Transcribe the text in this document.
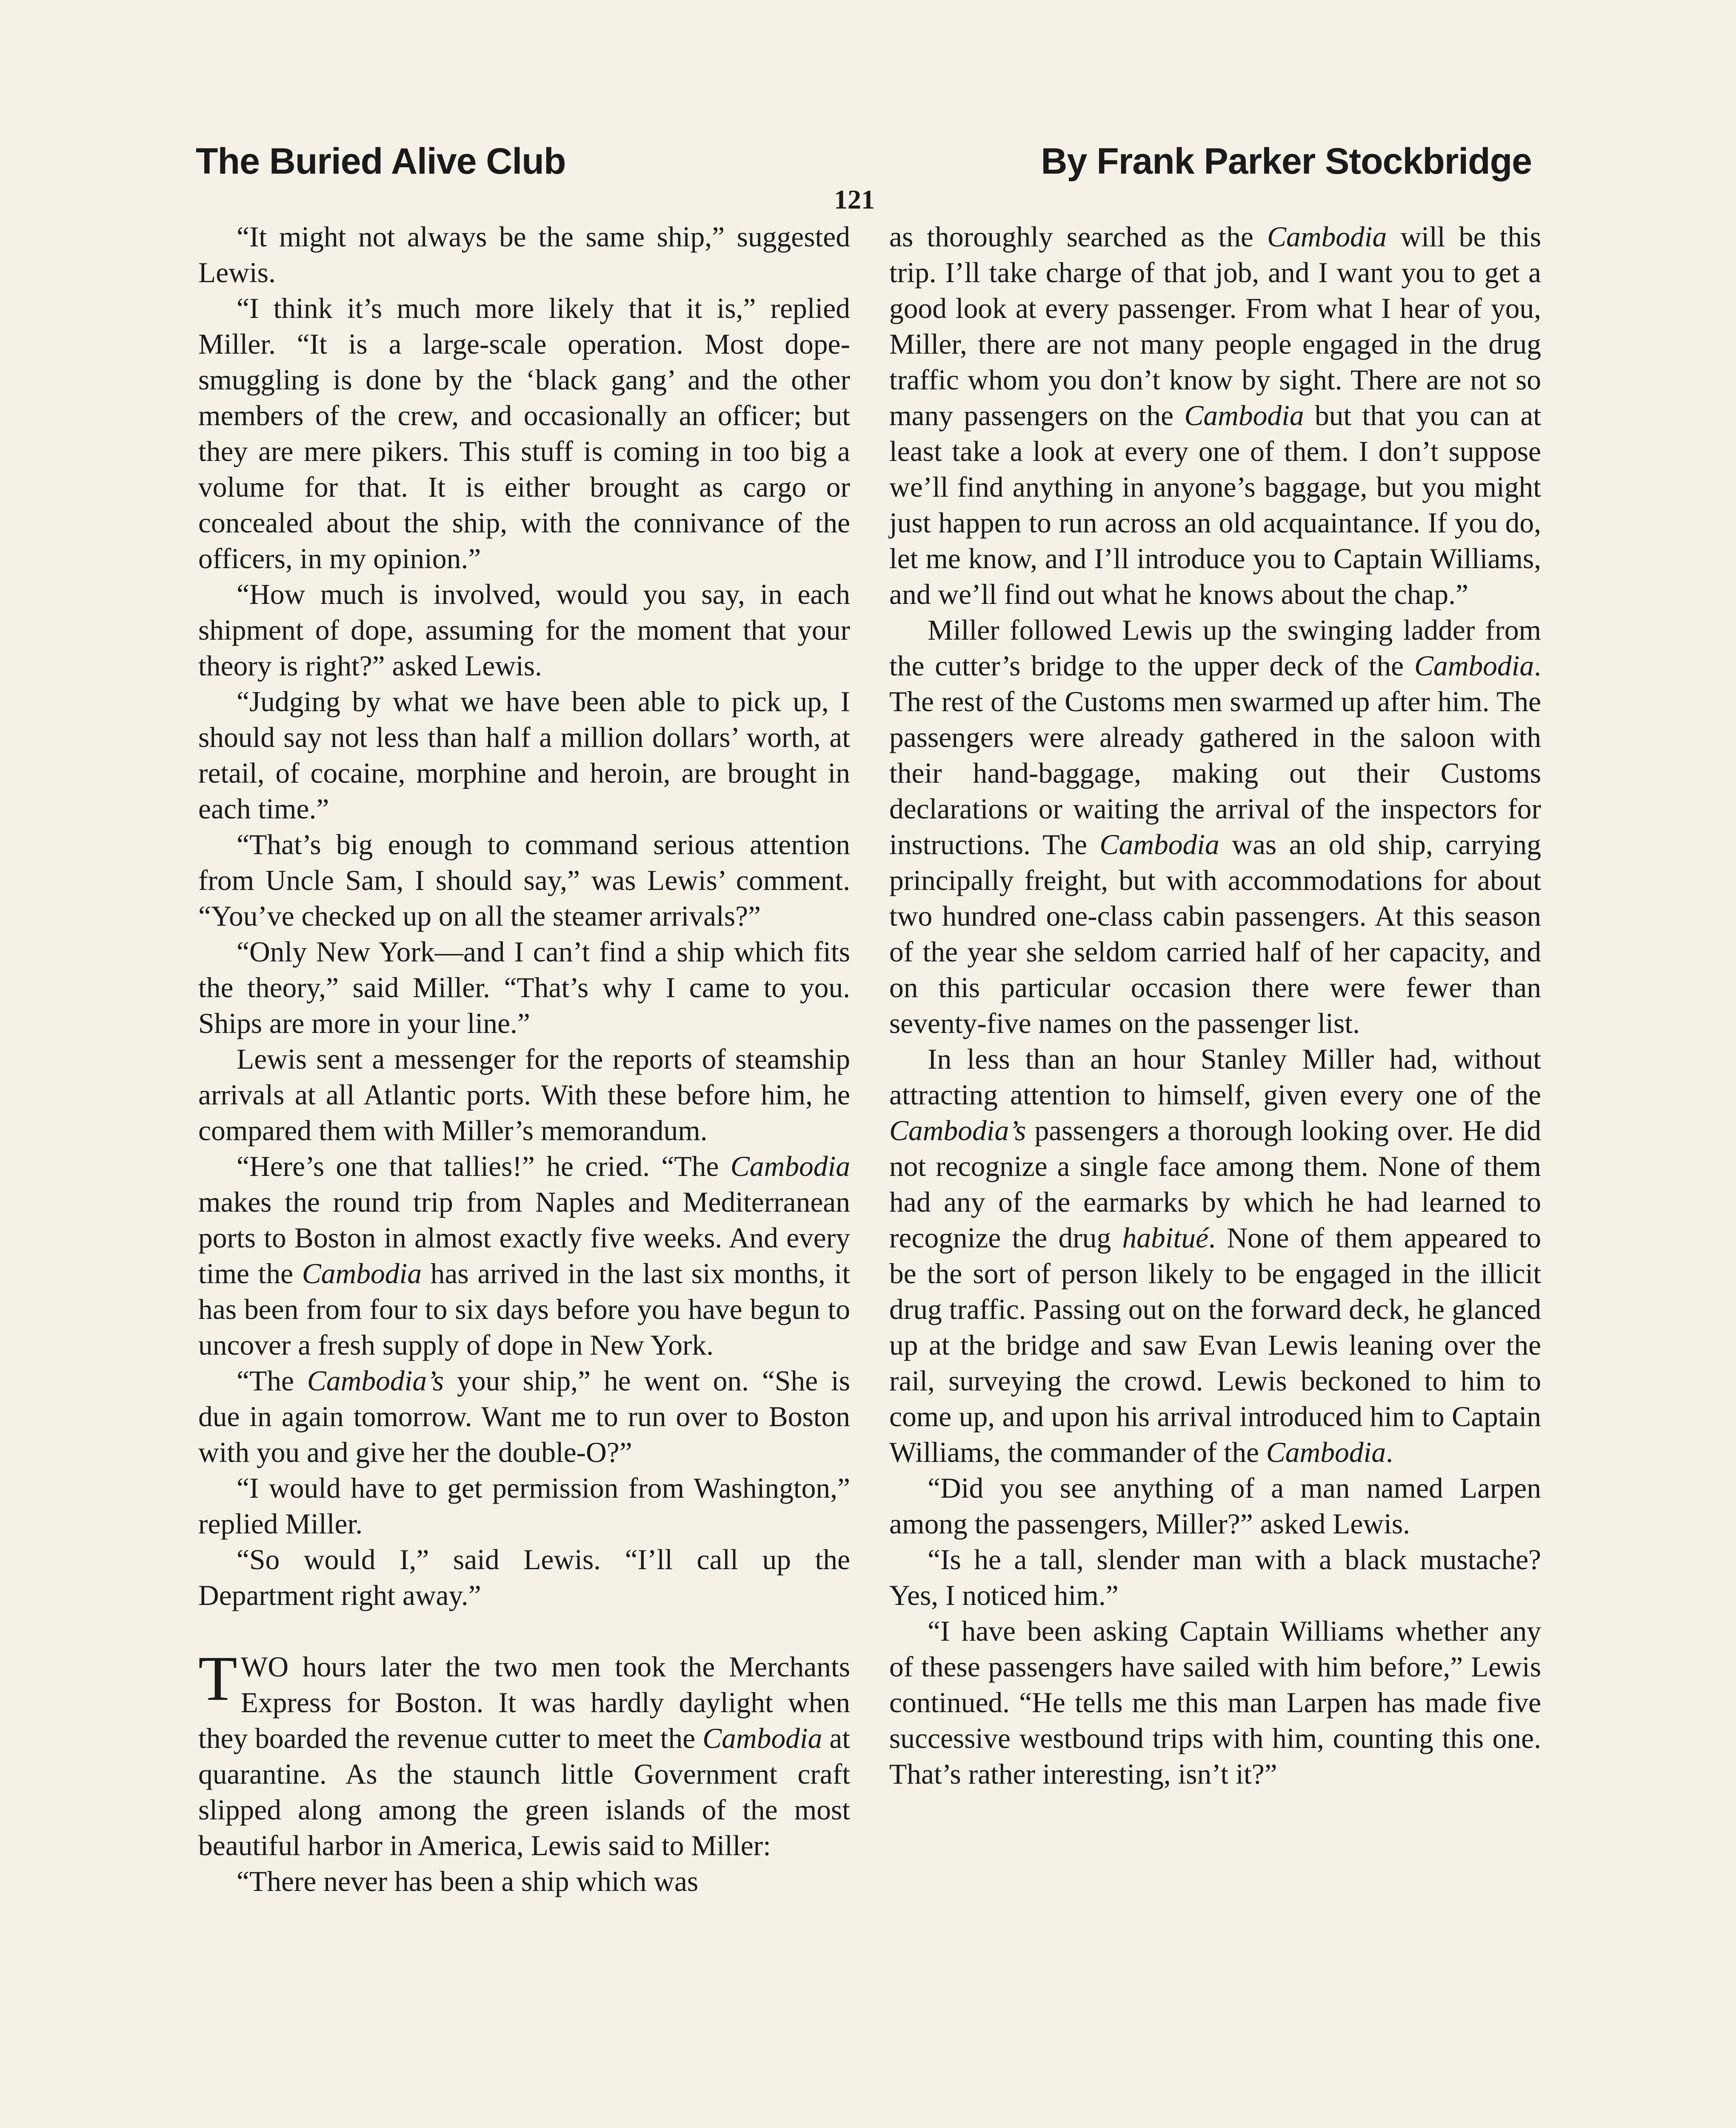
The Buried Alive Club	By Frank Parker Stockbridge
121

“It might not always be the same ship,” suggested Lewis.

“I think it’s much more likely that it is,” replied Miller. “It is a large-scale operation. Most dope-smuggling is done by the ‘black gang’ and the other members of the crew, and occasionally an officer; but they are mere pikers. This stuff is coming in too big a volume for that. It is either brought as cargo or concealed about the ship, with the connivance of the officers, in my opinion.”

“How much is involved, would you say, in each shipment of dope, assuming for the moment that your theory is right?” asked Lewis.

“Judging by what we have been able to pick up, I should say not less than half a million dollars’ worth, at retail, of cocaine, morphine and heroin, are brought in each time.”

“That’s big enough to command serious attention from Uncle Sam, I should say,” was Lewis’ comment. “You’ve checked up on all the steamer arrivals?”

“Only New York—and I can’t find a ship which fits the theory,” said Miller. “That’s why I came to you. Ships are more in your line.”

Lewis sent a messenger for the reports of steamship arrivals at all Atlantic ports. With these before him, he compared them with Miller’s memorandum.

“Here’s one that tallies!” he cried. “The Cambodia makes the round trip from Naples and Mediterranean ports to Boston in almost exactly five weeks. And every time the Cambodia has arrived in the last six months, it has been from four to six days before you have begun to uncover a fresh supply of dope in New York.

“The Cambodia’s your ship,” he went on. “She is due in again tomorrow. Want me to run over to Boston with you and give her the double-O?”

“I would have to get permission from Washington,” replied Miller.

“So would I,” said Lewis. “I’ll call up the Department right away.”

TWO hours later the two men took the Merchants Express for Boston. It was hardly daylight when they boarded the revenue cutter to meet the Cambodia at quarantine. As the staunch little Government craft slipped along among the green islands of the most beautiful harbor in America, Lewis said to Miller:

“There never has been a ship which was

as thoroughly searched as the Cambodia will be this trip. I’ll take charge of that job, and I want you to get a good look at every passenger. From what I hear of you, Miller, there are not many people engaged in the drug traffic whom you don’t know by sight. There are not so many passengers on the Cambodia but that you can at least take a look at every one of them. I don’t suppose we’ll find anything in anyone’s baggage, but you might just happen to run across an old acquaintance. If you do, let me know, and I’ll introduce you to Captain Williams, and we’ll find out what he knows about the chap.”

Miller followed Lewis up the swinging ladder from the cutter’s bridge to the upper deck of the Cambodia. The rest of the Customs men swarmed up after him. The passengers were already gathered in the saloon with their hand-baggage, making out their Customs declarations or waiting the arrival of the inspectors for instructions. The Cambodia was an old ship, carrying principally freight, but with accommodations for about two hundred one-class cabin passengers. At this season of the year she seldom carried half of her capacity, and on this particular occasion there were fewer than seventy-five names on the passenger list.

In less than an hour Stanley Miller had, without attracting attention to himself, given every one of the Cambodia’s passengers a thorough looking over. He did not recognize a single face among them. None of them had any of the earmarks by which he had learned to recognize the drug habitué. None of them appeared to be the sort of person likely to be engaged in the illicit drug traffic. Passing out on the forward deck, he glanced up at the bridge and saw Evan Lewis leaning over the rail, surveying the crowd. Lewis beckoned to him to come up, and upon his arrival introduced him to Captain Williams, the commander of the Cambodia.

“Did you see anything of a man named Larpen among the passengers, Miller?” asked Lewis.

“Is he a tall, slender man with a black mustache? Yes, I noticed him.”

“I have been asking Captain Williams whether any of these passengers have sailed with him before,” Lewis continued. “He tells me this man Larpen has made five successive westbound trips with him, counting this one. That’s rather interesting, isn’t it?”
